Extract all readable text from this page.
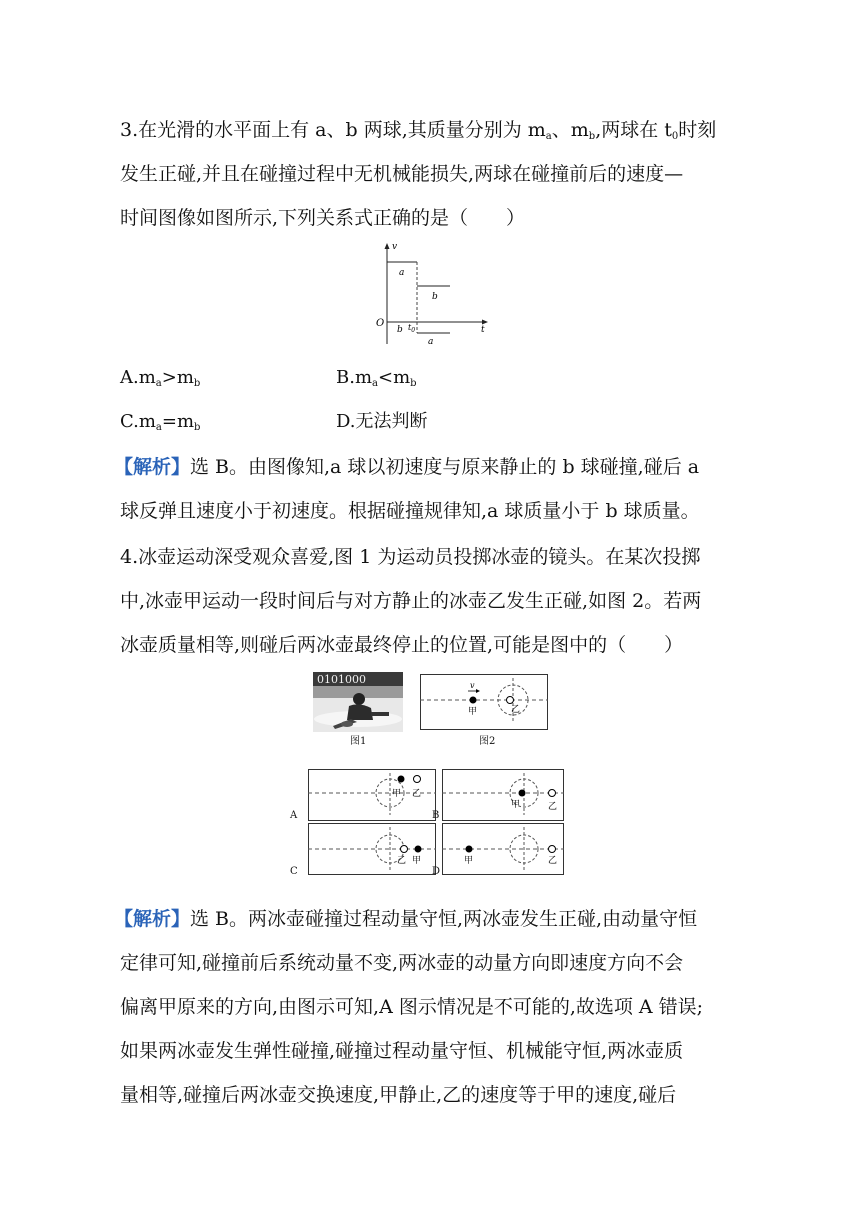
3.在光滑的水平面上有 a、b 两球,其质量分别为 $m_a$、$m_b$,两球在 $t_0$时刻
发生正碰,并且在碰撞过程中无机械能损失,两球在碰撞前后的速度—
时间图像如图所示,下列关系式正确的是（　　）
v
t
O
a
b
b $t_0$
a
$A.m_a>m_b$	$B.m_a<m_b$
$C.m_a=m_b$	D.无法判断
【解析】选 B。由图像知,a 球以初速度与原来静止的 b 球碰撞,碰后 a
球反弹且速度小于初速度。根据碰撞规律知,a 球质量小于 b 球质量。
4.冰壶运动深受观众喜爱,图 1 为运动员投掷冰壶的镜头。在某次投掷
中,冰壶甲运动一段时间后与对方静止的冰壶乙发生正碰,如图 2。若两
冰壶质量相等,则碰后两冰壶最终停止的位置,可能是图中的（　　）
0101000
图1
v
甲	乙
图2
甲 乙
A
甲	乙
B
乙 甲
C
甲	乙
D
【解析】选 B。两冰壶碰撞过程动量守恒,两冰壶发生正碰,由动量守恒
定律可知,碰撞前后系统动量不变,两冰壶的动量方向即速度方向不会
偏离甲原来的方向,由图示可知,A 图示情况是不可能的,故选项 A 错误;
如果两冰壶发生弹性碰撞,碰撞过程动量守恒、机械能守恒,两冰壶质
量相等,碰撞后两冰壶交换速度,甲静止,乙的速度等于甲的速度,碰后
